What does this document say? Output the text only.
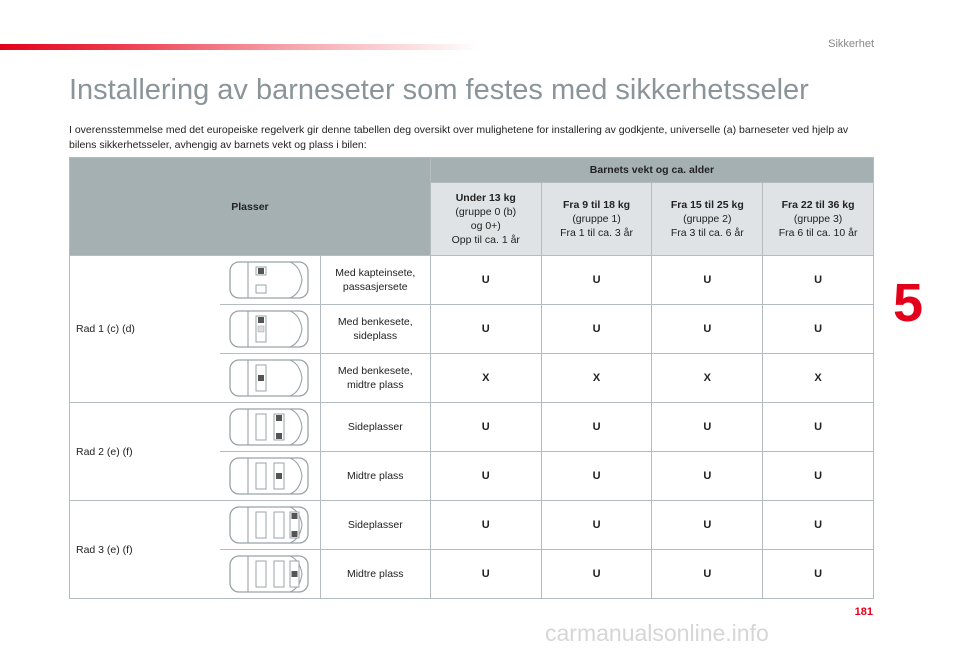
Sikkerhet
5
Installering av barneseter som festes med sikkerhetsseler

I overensstemmelse med det europeiske regelverk gir denne tabellen deg oversikt over mulighetene for installering av godkjente, universelle (a) barneseter ved hjelp av bilens sikkerhetsseler, avhengig av barnets vekt og plass i bilen:

Plasser			Barnets vekt og ca. alder			

			Under 13 kg
(gruppe 0 (b)
og 0+)
Opp til ca. 1 år	Fra 9 til 18 kg
(gruppe 1)
Fra 1 til ca. 3 år	Fra 15 til 25 kg
(gruppe 2)
Fra 3 til ca. 6 år	Fra 22 til 36 kg
(gruppe 3)
Fra 6 til ca. 10 år
Rad 1 (c) (d)		Med kapteinsete,
passasjersete	U	U	U	U

	Med benkesete,
sideplass	U	U	U	U

	Med benkesete,
midtre plass	X	X	X	X
Rad 2 (e) (f)		Sideplasser	U	U	U	U

	Midtre plass	U	U	U	U
Rad 3 (e) (f)		Sideplasser	U	U	U	U

	Midtre plass	U	U	U	U
181
carmanualsonline.info
